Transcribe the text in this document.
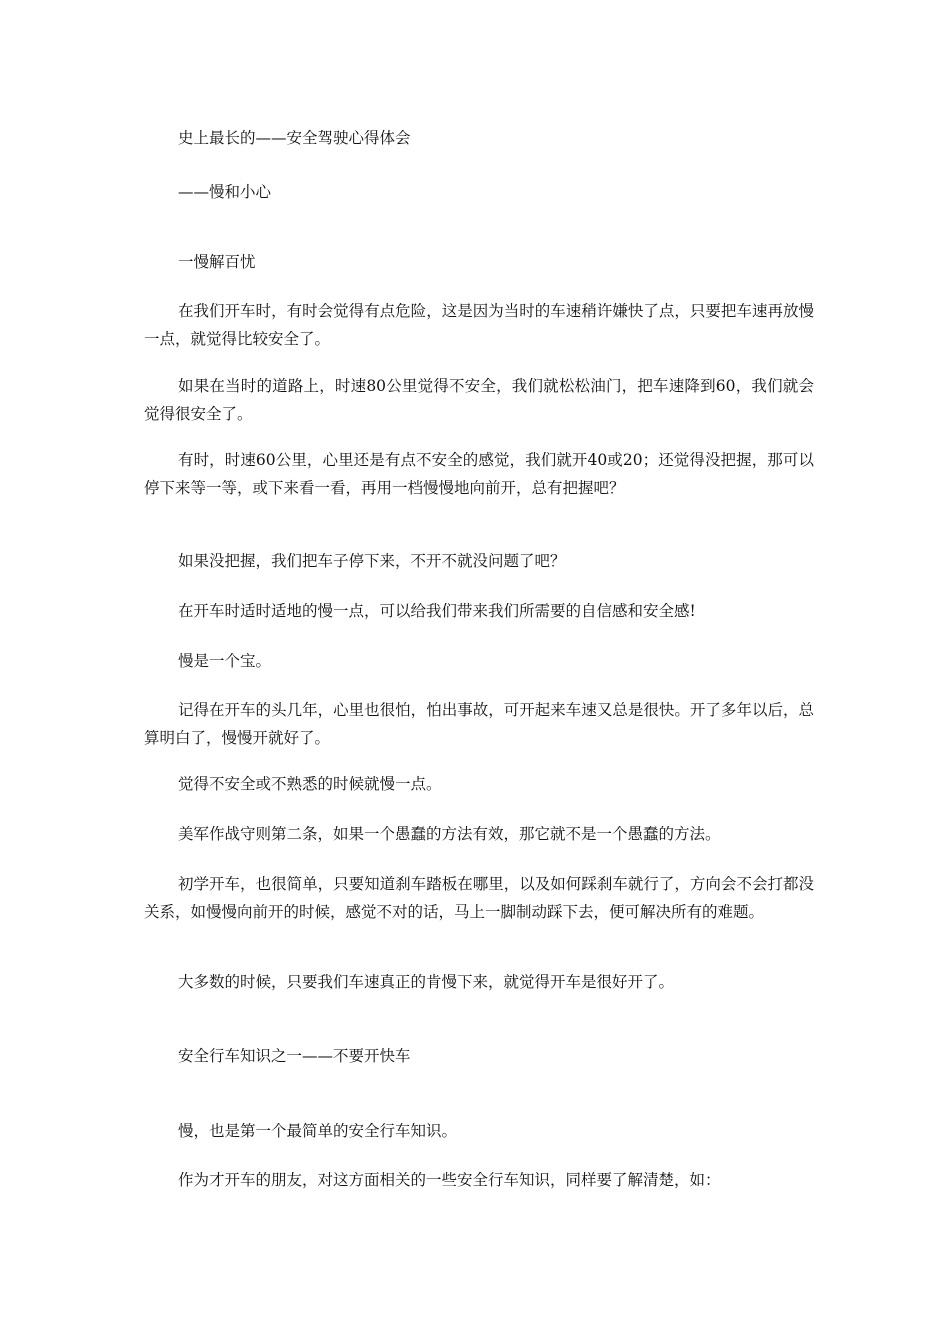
史上最长的——安全驾驶心得体会

——慢和小心

一慢解百忧

在我们开车时，有时会觉得有点危险，这是因为当时的车速稍许嫌快了点，只要把车速再放慢一点，就觉得比较安全了。

如果在当时的道路上，时速80公里觉得不安全，我们就松松油门，把车速降到60，我们就会觉得很安全了。

有时，时速60公里，心里还是有点不安全的感觉，我们就开40或20；还觉得没把握，那可以停下来等一等，或下来看一看，再用一档慢慢地向前开，总有把握吧？

如果没把握，我们把车子停下来，不开不就没问题了吧？

在开车时适时适地的慢一点，可以给我们带来我们所需要的自信感和安全感!

慢是一个宝。

记得在开车的头几年，心里也很怕，怕出事故，可开起来车速又总是很快。开了多年以后，总算明白了，慢慢开就好了。

觉得不安全或不熟悉的时候就慢一点。

美军作战守则第二条，如果一个愚蠢的方法有效，那它就不是一个愚蠢的方法。

初学开车，也很简单，只要知道刹车踏板在哪里，以及如何踩刹车就行了，方向会不会打都没关系，如慢慢向前开的时候，感觉不对的话，马上一脚制动踩下去，便可解决所有的难题。

大多数的时候，只要我们车速真正的肯慢下来，就觉得开车是很好开了。

安全行车知识之一——不要开快车

慢，也是第一个最简单的安全行车知识。

作为才开车的朋友，对这方面相关的一些安全行车知识，同样要了解清楚，如：
